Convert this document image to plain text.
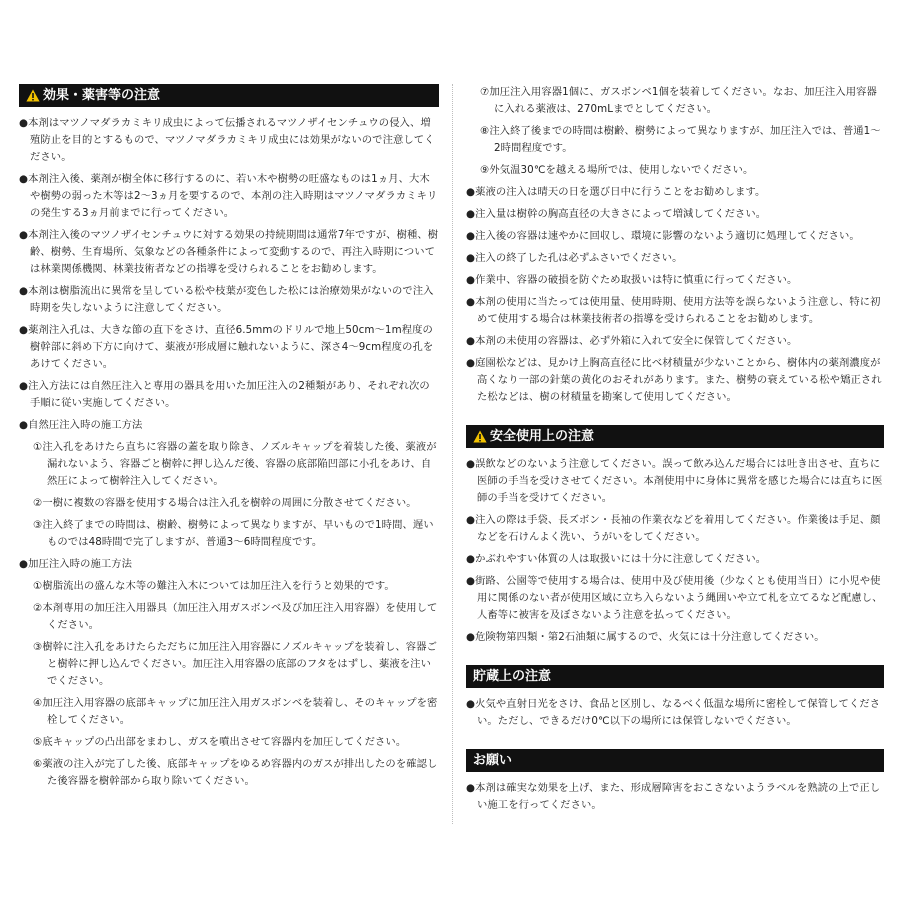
効果・薬害等の注意

●本剤はマツノマダラカミキリ成虫によって伝播されるマツノザイセンチュウの侵入、増殖防止を目的とするもので、マツノマダラカミキリ成虫には効果がないので注意してください。

●本剤注入後、薬剤が樹全体に移行するのに、若い木や樹勢の旺盛なものは1ヵ月、大木や樹勢の弱った木等は2～3ヵ月を要するので、本剤の注入時期はマツノマダラカミキリの発生する3ヵ月前までに行ってください。

●本剤注入後のマツノザイセンチュウに対する効果の持続期間は通常7年ですが、樹種、樹齢、樹勢、生育場所、気象などの各種条件によって変動するので、再注入時期については林業関係機関、林業技術者などの指導を受けられることをお勧めします。

●本剤は樹脂流出に異常を呈している松や枝葉が変色した松には治療効果がないので注入時期を失しないように注意してください。

●薬剤注入孔は、大きな節の直下をさけ、直径6.5mmのドリルで地上50cm～1m程度の樹幹部に斜め下方に向けて、薬液が形成層に触れないように、深さ4～9cm程度の孔をあけてください。

●注入方法には自然圧注入と専用の器具を用いた加圧注入の2種類があり、それぞれ次の手順に従い実施してください。

●自然圧注入時の施工方法

①注入孔をあけたら直ちに容器の蓋を取り除き、ノズルキャップを着装した後、薬液が漏れないよう、容器ごと樹幹に押し込んだ後、容器の底部陥凹部に小孔をあけ、自然圧によって樹幹注入してください。

②一樹に複数の容器を使用する場合は注入孔を樹幹の周囲に分散させてください。

③注入終了までの時間は、樹齢、樹勢によって異なりますが、早いもので1時間、遅いものでは48時間で完了しますが、普通3～6時間程度です。

●加圧注入時の施工方法

①樹脂流出の盛んな木等の難注入木については加圧注入を行うと効果的です。

②本剤専用の加圧注入用器具（加圧注入用ガスボンベ及び加圧注入用容器）を使用してください。

③樹幹に注入孔をあけたらただちに加圧注入用容器にノズルキャップを装着し、容器ごと樹幹に押し込んでください。加圧注入用容器の底部のフタをはずし、薬液を注いでください。

④加圧注入用容器の底部キャップに加圧注入用ガスボンベを装着し、そのキャップを密栓してください。

⑤底キャップの凸出部をまわし、ガスを噴出させて容器内を加圧してください。

⑥薬液の注入が完了した後、底部キャップをゆるめ容器内のガスが排出したのを確認した後容器を樹幹部から取り除いてください。

⑦加圧注入用容器1個に、ガスボンベ1個を装着してください。なお、加圧注入用容器に入れる薬液は、270mLまでとしてください。

⑧注入終了後までの時間は樹齢、樹勢によって異なりますが、加圧注入では、普通1～2時間程度です。

⑨外気温30℃を越える場所では、使用しないでください。

●薬液の注入は晴天の日を選び日中に行うことをお勧めします。

●注入量は樹幹の胸高直径の大きさによって増減してください。

●注入後の容器は速やかに回収し、環境に影響のないよう適切に処理してください。

●注入の終了した孔は必ずふさいでください。

●作業中、容器の破損を防ぐため取扱いは特に慎重に行ってください。

●本剤の使用に当たっては使用量、使用時期、使用方法等を誤らないよう注意し、特に初めて使用する場合は林業技術者の指導を受けられることをお勧めします。

●本剤の未使用の容器は、必ず外箱に入れて安全に保管してください。

●庭園松などは、見かけ上胸高直径に比べ材積量が少ないことから、樹体内の薬剤濃度が高くなり一部の針葉の黄化のおそれがあります。また、樹勢の衰えている松や矯正された松などは、樹の材積量を勘案して使用してください。

安全使用上の注意

●誤飲などのないよう注意してください。誤って飲み込んだ場合には吐き出させ、直ちに医師の手当を受けさせてください。本剤使用中に身体に異常を感じた場合には直ちに医師の手当を受けてください。

●注入の際は手袋、長ズボン・長袖の作業衣などを着用してください。作業後は手足、顔などを石けんよく洗い、うがいをしてください。

●かぶれやすい体質の人は取扱いには十分に注意してください。

●街路、公園等で使用する場合は、使用中及び使用後（少なくとも使用当日）に小児や使用に関係のない者が使用区域に立ち入らないよう縄囲いや立て札を立てるなど配慮し、人畜等に被害を及ぼさないよう注意を払ってください。

●危険物第四類・第2石油類に属するので、火気には十分注意してください。

貯蔵上の注意

●火気や直射日光をさけ、食品と区別し、なるべく低温な場所に密栓して保管してください。ただし、できるだけ0℃以下の場所には保管しないでください。

お願い

●本剤は確実な効果を上げ、また、形成層障害をおこさないようラベルを熟読の上で正しい施工を行ってください。
